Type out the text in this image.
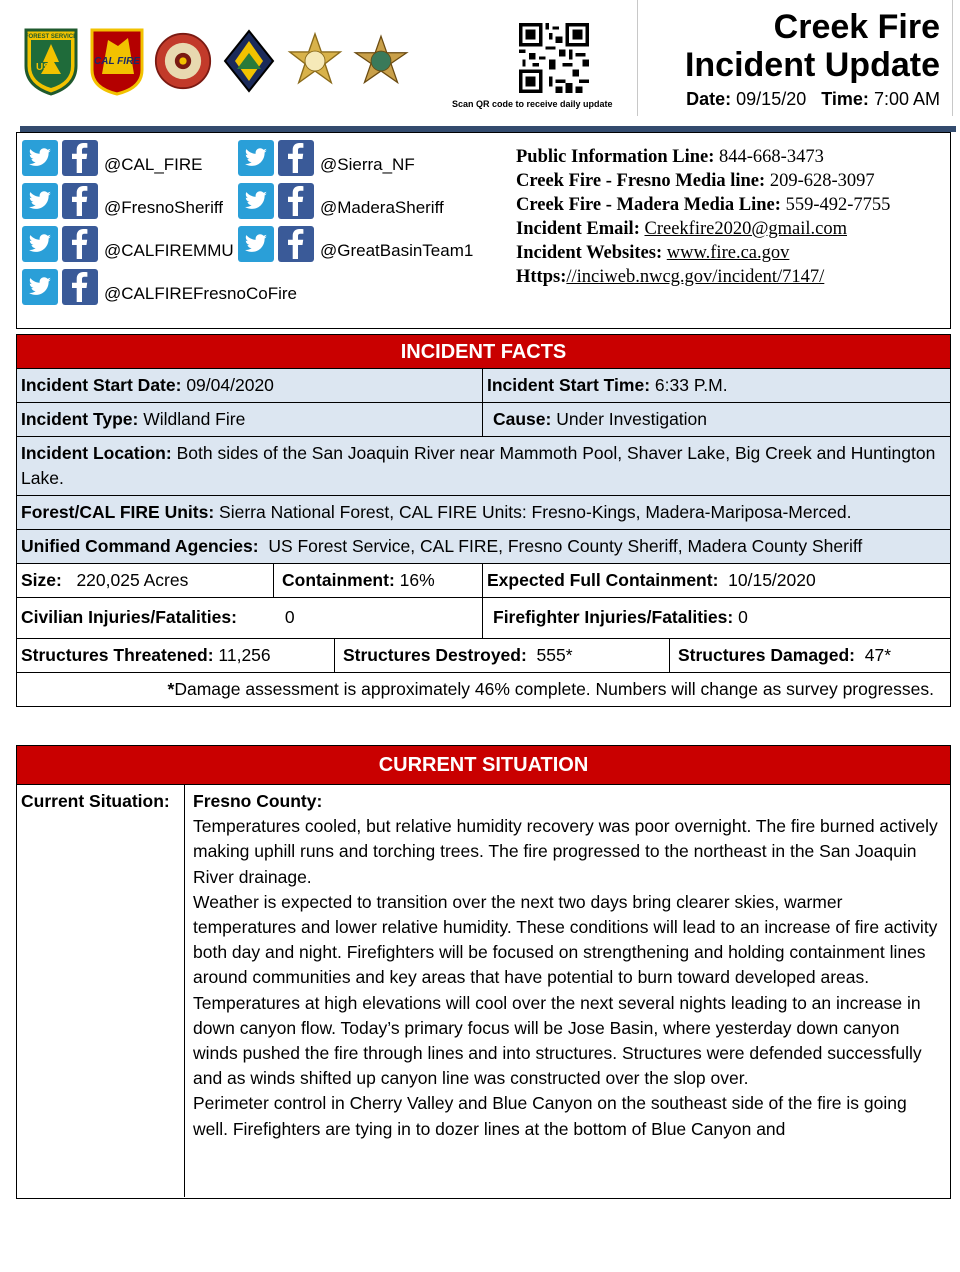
FOREST SERVICE
US
CAL FIRE
Scan QR code to receive daily update
Creek Fire
Incident Update
Date: 09/15/20 Time: 7:00 AM
@CAL_FIRE	@Sierra_NF
@FresnoSheriff	@MaderaSheriff
@CALFIREMMU	@GreatBasinTeam1
@CALFIREFresnoCoFire
Public Information Line: 844-668-3473
Creek Fire - Fresno Media line: 209-628-3097
Creek Fire - Madera Media Line: 559-492-7755
Incident Email: Creekfire2020@gmail.com
Incident Websites: www.fire.ca.gov
Https://inciweb.nwcg.gov/incident/7147/
INCIDENT FACTS
Incident Start Date: 09/04/2020	Incident Start Time: 6:33 P.M.
Incident Type: Wildland Fire	Cause: Under Investigation
Incident Location: Both sides of the San Joaquin River near Mammoth Pool, Shaver Lake, Big Creek and Huntington Lake.
Forest/CAL FIRE Units: Sierra National Forest, CAL FIRE Units: Fresno-Kings, Madera-Mariposa-Merced.
Unified Command Agencies: US Forest Service, CAL FIRE, Fresno County Sheriff, Madera County Sheriff
Size: 220,025 Acres	Containment: 16%	Expected Full Containment: 10/15/2020
Civilian Injuries/Fatalities:	0	Firefighter Injuries/Fatalities: 0
Structures Threatened: 11,256	Structures Destroyed: 555*	Structures Damaged: 47*
*Damage assessment is approximately 46% complete. Numbers will change as survey progresses.
CURRENT SITUATION
Current Situation:	Fresno County:

Temperatures cooled, but relative humidity recovery was poor overnight. The fire burned actively making uphill runs and torching trees. The fire progressed to the northeast in the San Joaquin River drainage.

Weather is expected to transition over the next two days bring clearer skies, warmer temperatures and lower relative humidity. These conditions will lead to an increase of fire activity both day and night. Firefighters will be focused on strengthening and holding containment lines around communities and key areas that have potential to burn toward developed areas.

Temperatures at high elevations will cool over the next several nights leading to an increase in down canyon flow. Today’s primary focus will be Jose Basin, where yesterday down canyon winds pushed the fire through lines and into structures. Structures were defended successfully and as winds shifted up canyon line was constructed over the slop over.

Perimeter control in Cherry Valley and Blue Canyon on the southeast side of the fire is going well. Firefighters are tying in to dozer lines at the bottom of Blue Canyon and
